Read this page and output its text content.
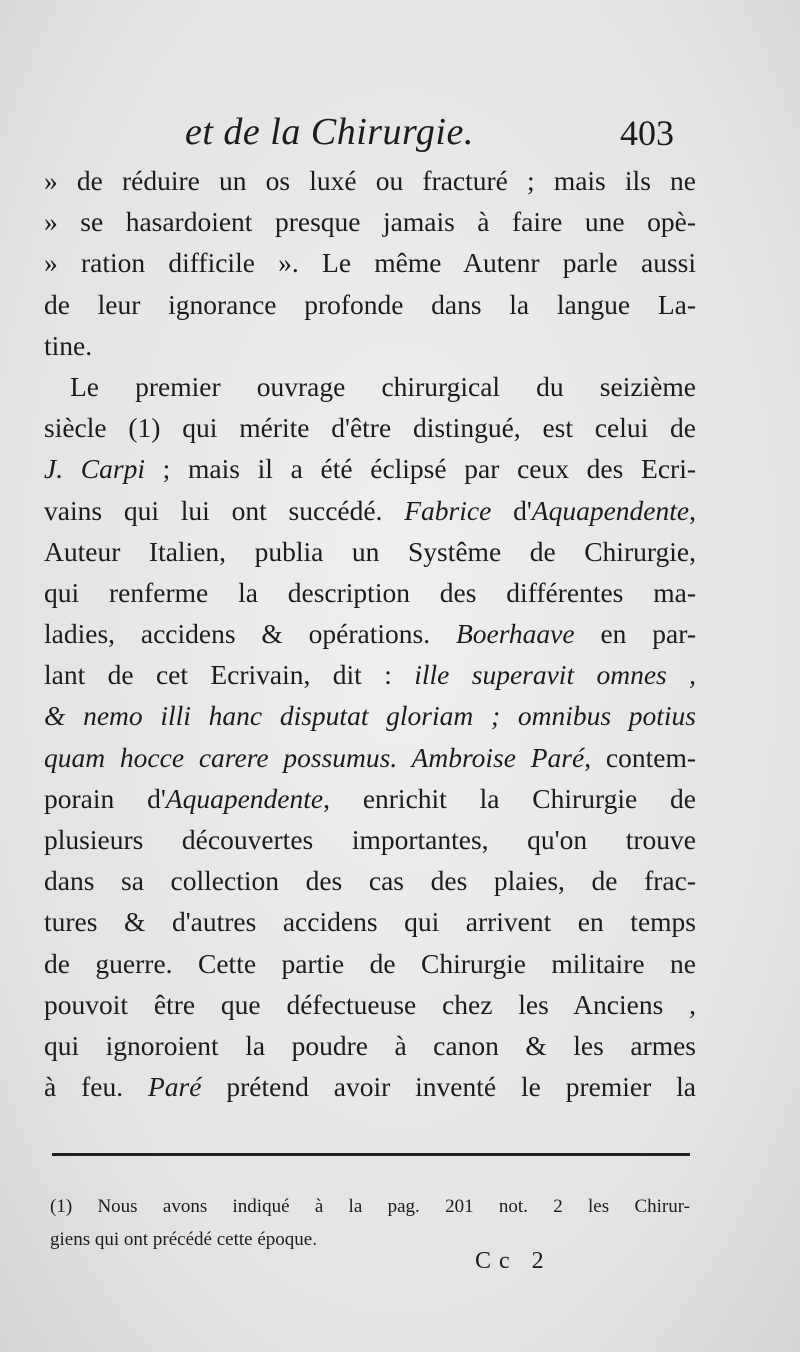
et de la Chirurgie.	403
» de réduire un os luxé ou fracturé ; mais ils ne
» se hasardoient presque jamais à faire une opè-
» ration difficile ». Le même Autenr parle aussi
de leur ignorance profonde dans la langue La-
tine.
Le premier ouvrage chirurgical du seizième
siècle (1) qui mérite d'être distingué, est celui de
J. Carpi ; mais il a été éclipsé par ceux des Ecri-
vains qui lui ont succédé. Fabrice d'Aquapendente,
Auteur Italien, publia un Systême de Chirurgie,
qui renferme la description des différentes ma-
ladies, accidens & opérations. Boerhaave en par-
lant de cet Ecrivain, dit : ille superavit omnes ,
& nemo illi hanc disputat gloriam ; omnibus potius
quam hocce carere possumus. Ambroise Paré, contem-
porain d'Aquapendente, enrichit la Chirurgie de
plusieurs découvertes importantes, qu'on trouve
dans sa collection des cas des plaies, de frac-
tures & d'autres accidens qui arrivent en temps
de guerre. Cette partie de Chirurgie militaire ne
pouvoit être que défectueuse chez les Anciens ,
qui ignoroient la poudre à canon & les armes
à feu. Paré prétend avoir inventé le premier la
(1) Nous avons indiqué à la pag. 201 not. 2 les Chirur-
giens qui ont précédé cette époque.
Cc 2
